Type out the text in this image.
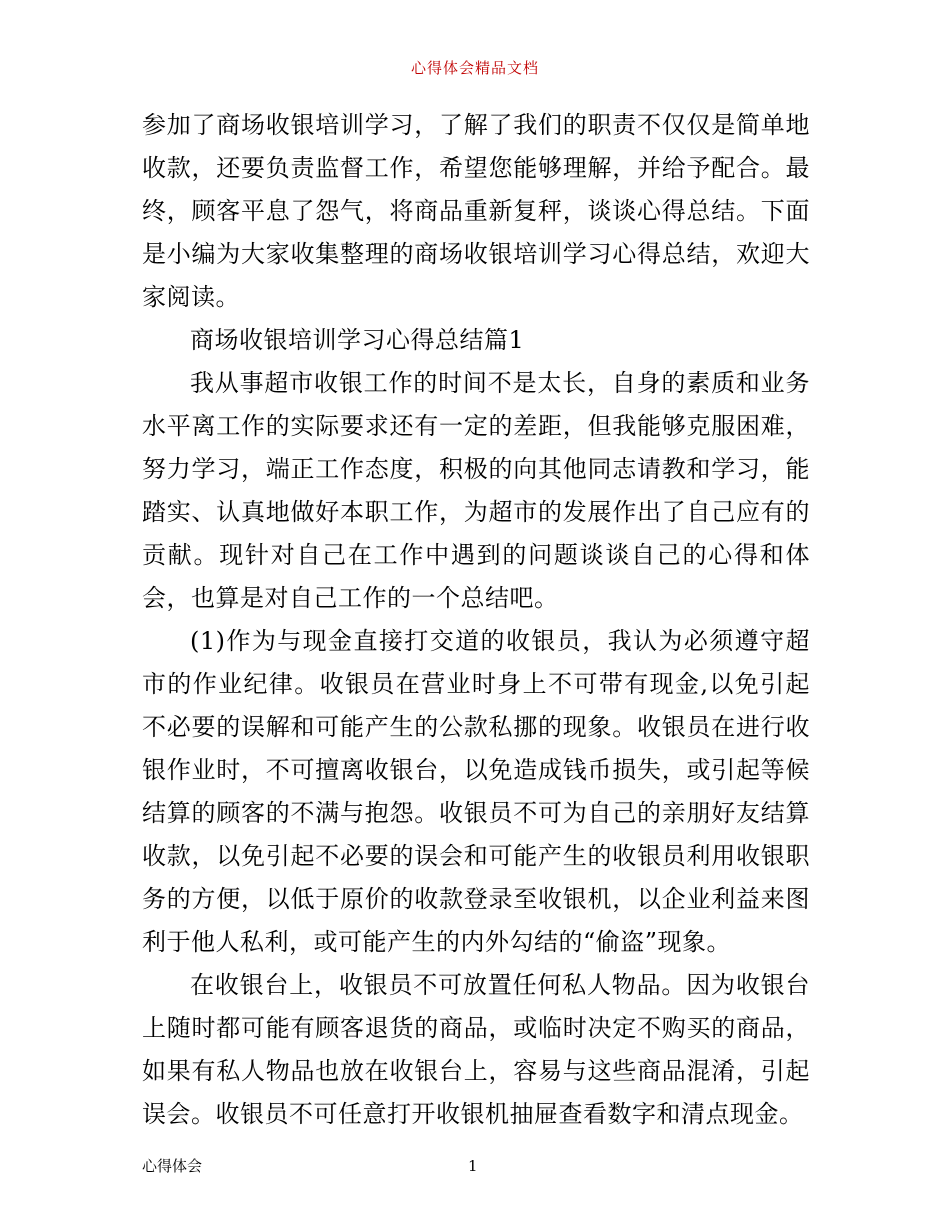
心得体会精品文档

参加了商场收银培训学习，了解了我们的职责不仅仅是简单地收款，还要负责监督工作，希望您能够理解，并给予配合。最终，顾客平息了怨气，将商品重新复秤，谈谈心得总结。下面是小编为大家收集整理的商场收银培训学习心得总结，欢迎大家阅读。

商场收银培训学习心得总结篇1

我从事超市收银工作的时间不是太长，自身的素质和业务水平离工作的实际要求还有一定的差距，但我能够克服困难，努力学习，端正工作态度，积极的向其他同志请教和学习，能踏实、认真地做好本职工作，为超市的发展作出了自己应有的贡献。现针对自己在工作中遇到的问题谈谈自己的心得和体会，也算是对自己工作的一个总结吧。

(1)作为与现金直接打交道的收银员，我认为必须遵守超市的作业纪律。收银员在营业时身上不可带有现金,以免引起不必要的误解和可能产生的公款私挪的现象。收银员在进行收银作业时，不可擅离收银台，以免造成钱币损失，或引起等候结算的顾客的不满与抱怨。收银员不可为自己的亲朋好友结算收款，以免引起不必要的误会和可能产生的收银员利用收银职务的方便，以低于原价的收款登录至收银机，以企业利益来图利于他人私利，或可能产生的内外勾结的“偷盗”现象。

在收银台上，收银员不可放置任何私人物品。因为收银台上随时都可能有顾客退货的商品，或临时决定不购买的商品，如果有私人物品也放在收银台上，容易与这些商品混淆，引起误会。收银员不可任意打开收银机抽屉查看数字和清点现金。

心得体会	1
